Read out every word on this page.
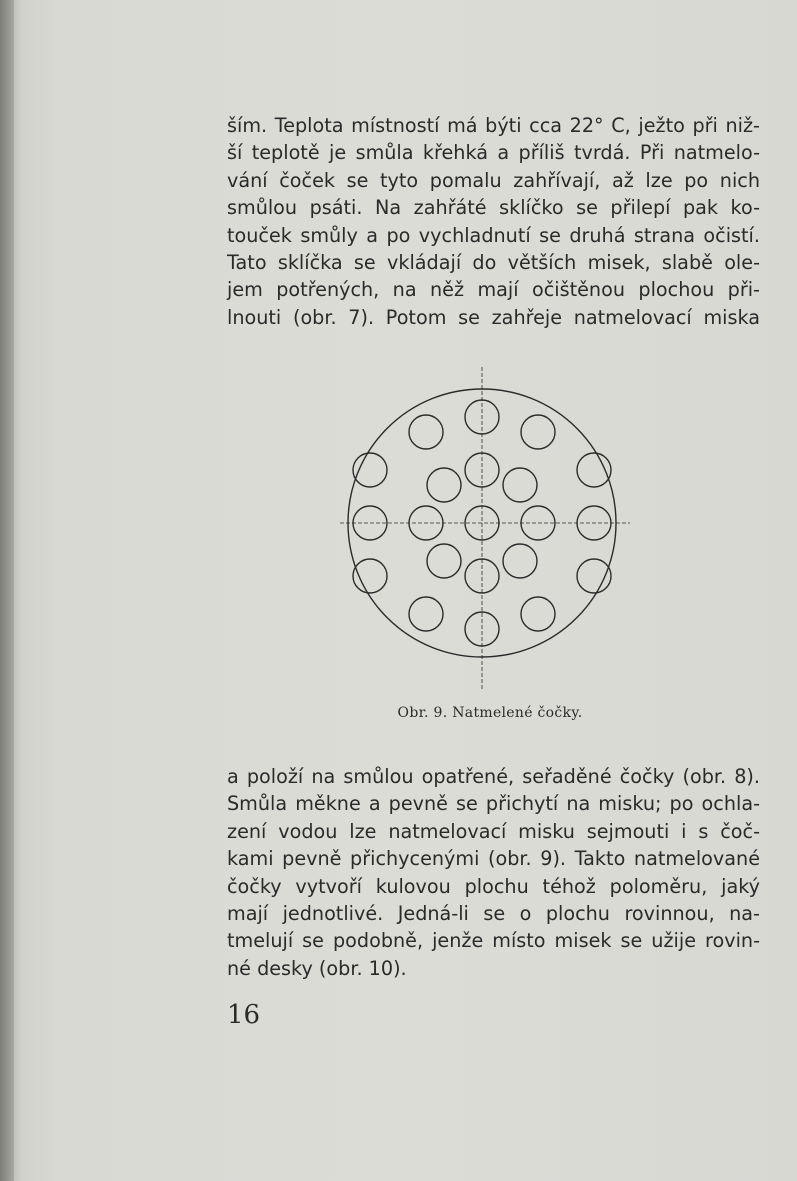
ším. Teplota místností má býti cca 22° C, ježto při niž-
ší teplotě je smůla křehká a příliš tvrdá. Při natmelo-
vání čoček se tyto pomalu zahřívají, až lze po nich
smůlou psáti. Na zahřáté sklíčko se přilepí pak ko-
touček smůly a po vychladnutí se druhá strana očistí.
Tato sklíčka se vkládají do větších misek, slabě ole-
jem potřených, na něž mají očištěnou plochou při-
lnouti (obr. 7). Potom se zahřeje natmelovací miska
Obr. 9. Natmelené čočky.
a položí na smůlou opatřené, seřaděné čočky (obr. 8).
Smůla měkne a pevně se přichytí na misku; po ochla-
zení vodou lze natmelovací misku sejmouti i s čoč-
kami pevně přichycenými (obr. 9). Takto natmelované
čočky vytvoří kulovou plochu téhož poloměru, jaký
mají jednotlivé. Jedná-li se o plochu rovinnou, na-
tmelují se podobně, jenže místo misek se užije rovin-
né desky (obr. 10).
16
